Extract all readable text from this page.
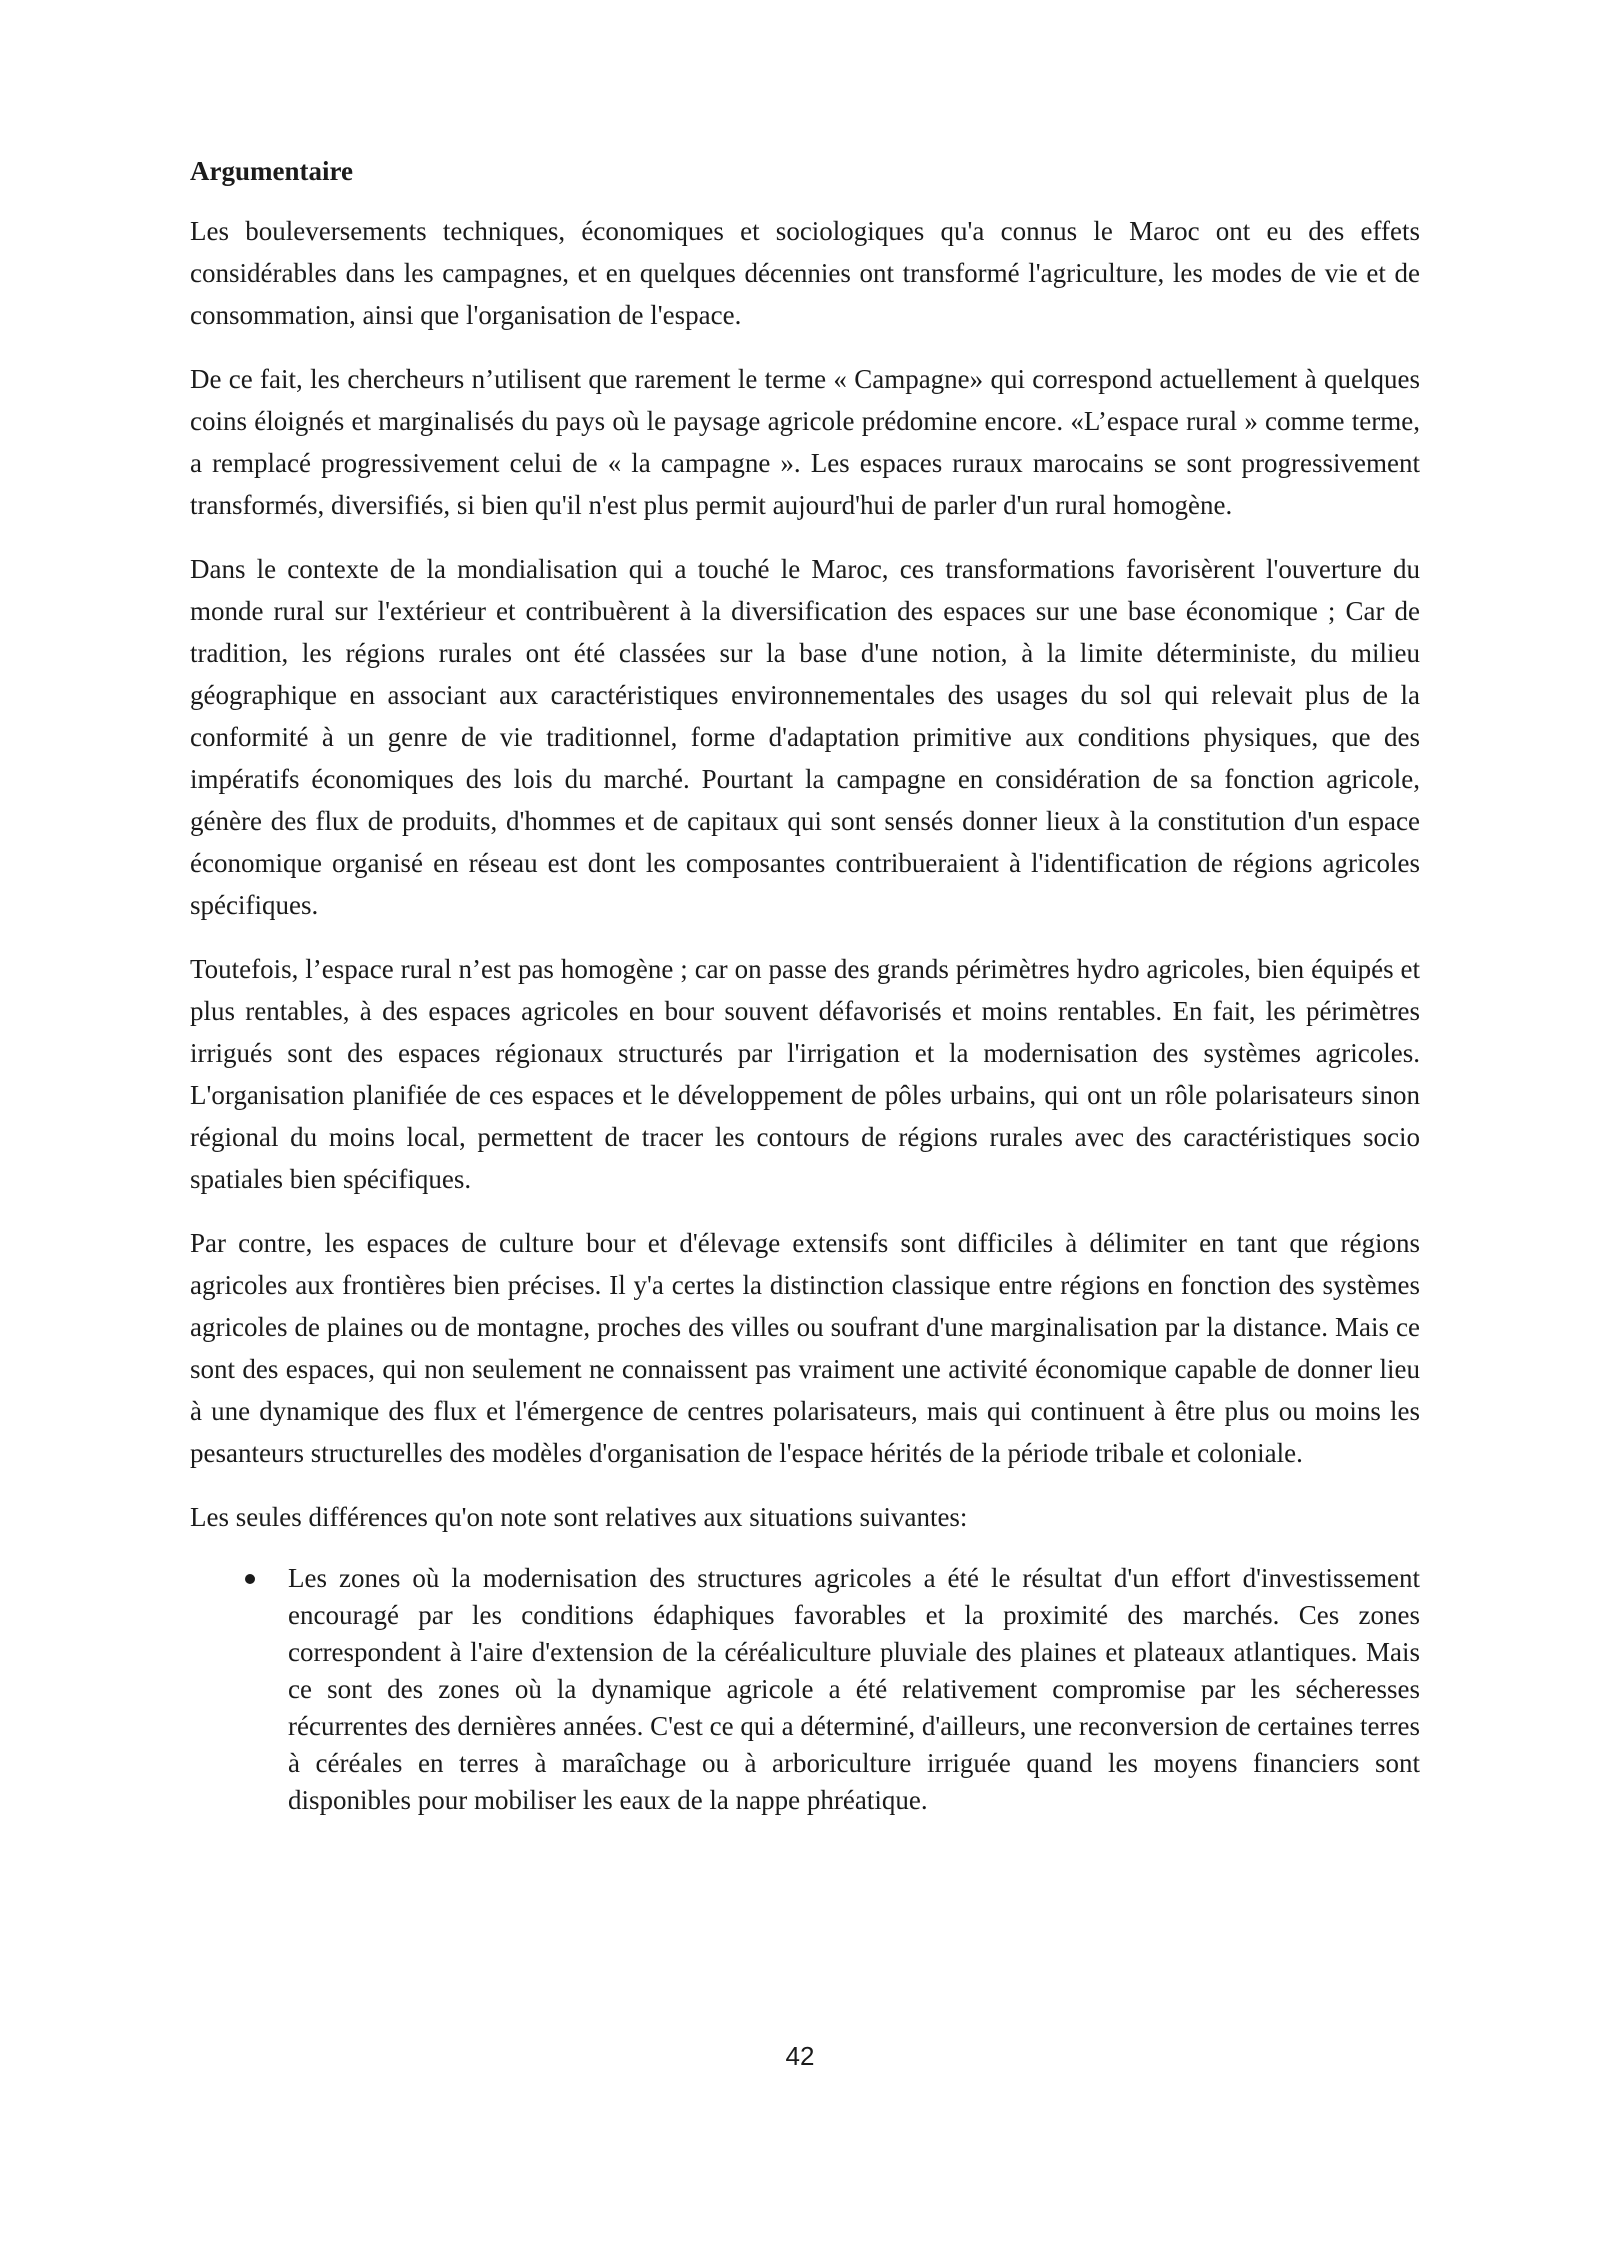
Argumentaire

Les bouleversements techniques, économiques et sociologiques qu'a connus le Maroc ont eu des effets considérables dans les campagnes, et en quelques décennies ont transformé l'agriculture, les modes de vie et de consommation, ainsi que l'organisation de l'espace.

De ce fait, les chercheurs n’utilisent que rarement le terme « Campagne» qui correspond actuellement à quelques coins éloignés et marginalisés du pays où le paysage agricole prédomine encore. «L’espace rural » comme terme, a remplacé progressivement celui de « la campagne ». Les espaces ruraux marocains se sont progressivement transformés, diversifiés, si bien qu'il n'est plus permit aujourd'hui de parler d'un rural homogène.

Dans le contexte de la mondialisation qui a touché le Maroc, ces transformations favorisèrent l'ouverture du monde rural sur l'extérieur et contribuèrent à la diversification des espaces sur une base économique ; Car de tradition, les régions rurales ont été classées sur la base d'une notion, à la limite déterministe, du milieu géographique en associant aux caractéristiques environnementales des usages du sol qui relevait plus de la conformité à un genre de vie traditionnel, forme d'adaptation primitive aux conditions physiques, que des impératifs économiques des lois du marché. Pourtant la campagne en considération de sa fonction agricole, génère des flux de produits, d'hommes et de capitaux qui sont sensés donner lieux à la constitution d'un espace économique organisé en réseau est dont les composantes contribueraient à l'identification de régions agricoles spécifiques.

Toutefois, l’espace rural n’est pas homogène ; car on passe des grands périmètres hydro agricoles, bien équipés et plus rentables, à des espaces agricoles en bour souvent défavorisés et moins rentables. En fait, les périmètres irrigués sont des espaces régionaux structurés par l'irrigation et la modernisation des systèmes agricoles. L'organisation planifiée de ces espaces et le développement de pôles urbains, qui ont un rôle polarisateurs sinon régional du moins local, permettent de tracer les contours de régions rurales avec des caractéristiques socio spatiales bien spécifiques.

Par contre, les espaces de culture bour et d'élevage extensifs sont difficiles à délimiter en tant que régions agricoles aux frontières bien précises. Il y'a certes la distinction classique entre régions en fonction des systèmes agricoles de plaines ou de montagne, proches des villes ou soufrant d'une marginalisation par la distance. Mais ce sont des espaces, qui non seulement ne connaissent pas vraiment une activité économique capable de donner lieu à une dynamique des flux et l'émergence de centres polarisateurs, mais qui continuent à être plus ou moins les pesanteurs structurelles des modèles d'organisation de l'espace hérités de la période tribale et coloniale.

Les seules différences qu'on note sont relatives aux situations suivantes:

Les zones où la modernisation des structures agricoles a été le résultat d'un effort d'investissement encouragé par les conditions édaphiques favorables et la proximité des marchés. Ces zones correspondent à l'aire d'extension de la céréaliculture pluviale des plaines et plateaux atlantiques. Mais ce sont des zones où la dynamique agricole a été relativement compromise par les sécheresses récurrentes des dernières années. C'est ce qui a déterminé, d'ailleurs, une reconversion de certaines terres à céréales en terres à maraîchage ou à arboriculture irriguée quand les moyens financiers sont disponibles pour mobiliser les eaux de la nappe phréatique.
42
